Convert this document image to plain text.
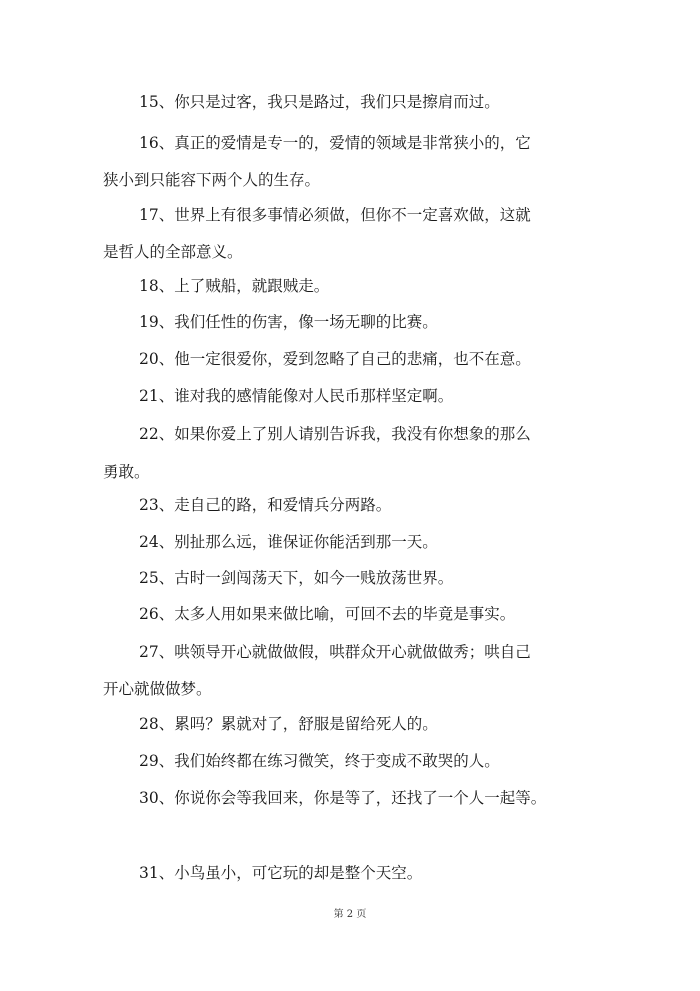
15、你只是过客，我只是路过，我们只是擦肩而过。

16、真正的爱情是专一的，爱情的领域是非常狭小的，它
狭小到只能容下两个人的生存。

17、世界上有很多事情必须做，但你不一定喜欢做，这就
是哲人的全部意义。

18、上了贼船，就跟贼走。

19、我们任性的伤害，像一场无聊的比赛。

20、他一定很爱你，爱到忽略了自己的悲痛，也不在意。

21、谁对我的感情能像对人民币那样坚定啊。

22、如果你爱上了别人请别告诉我，我没有你想象的那么
勇敢。

23、走自己的路，和爱情兵分两路。

24、别扯那么远，谁保证你能活到那一天。

25、古时一剑闯荡天下，如今一贱放荡世界。

26、太多人用如果来做比喻，可回不去的毕竟是事实。

27、哄领导开心就做做假，哄群众开心就做做秀；哄自己
开心就做做梦。

28、累吗？累就对了，舒服是留给死人的。

29、我们始终都在练习微笑，终于变成不敢哭的人。

30、你说你会等我回来，你是等了，还找了一个人一起等。

31、小鸟虽小，可它玩的却是整个天空。

第 2 页
